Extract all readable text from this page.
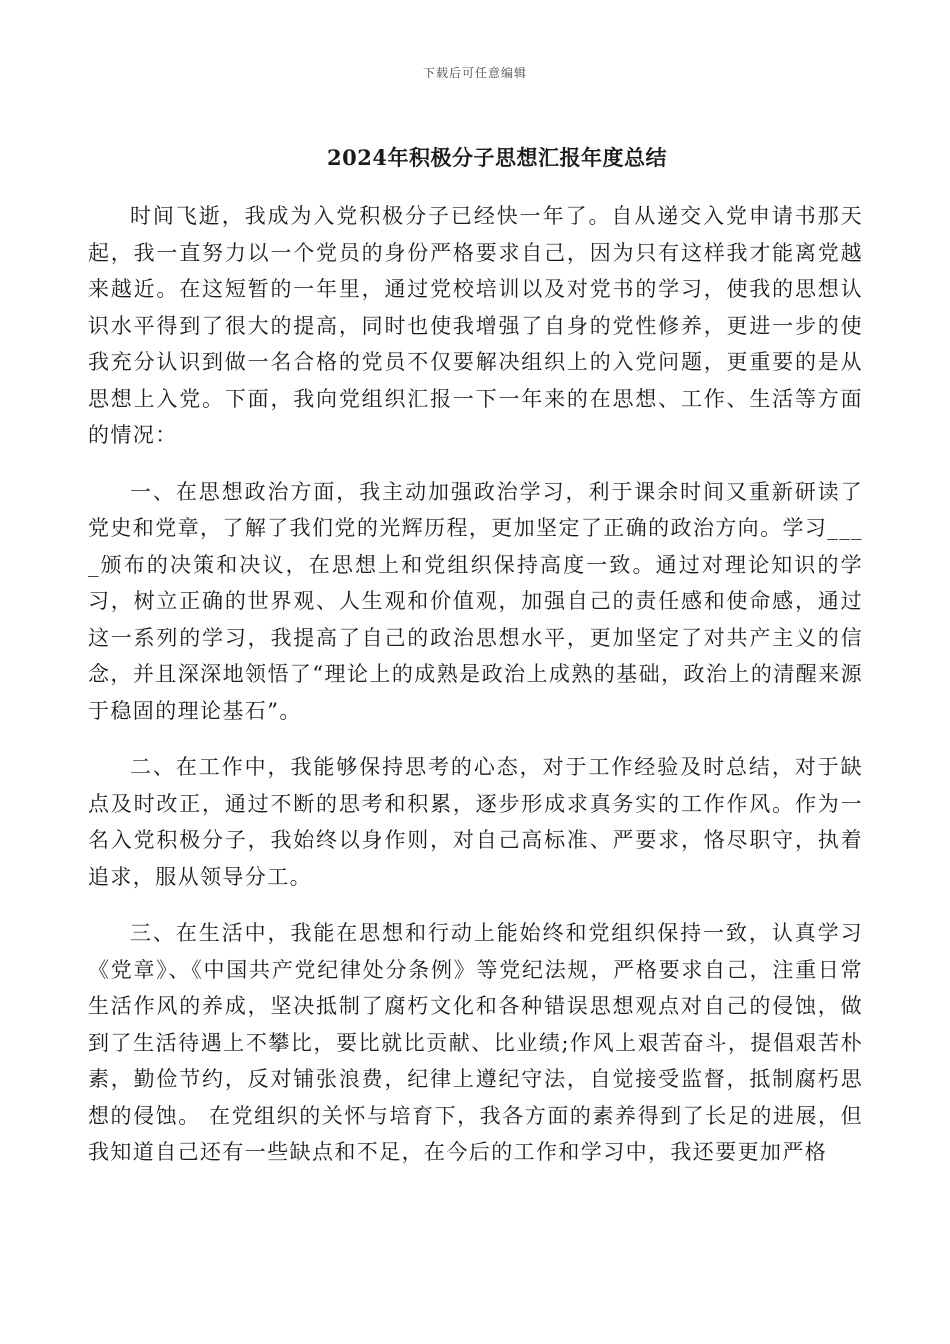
下载后可任意编辑
2024年积极分子思想汇报年度总结

时间飞逝，我成为入党积极分子已经快一年了。自从递交入党申请书那天起，我一直努力以一个党员的身份严格要求自己，因为只有这样我才能离党越来越近。在这短暂的一年里，通过党校培训以及对党书的学习，使我的思想认识水平得到了很大的提高，同时也使我增强了自身的党性修养，更进一步的使我充分认识到做一名合格的党员不仅要解决组织上的入党问题，更重要的是从思想上入党。下面，我向党组织汇报一下一年来的在思想、工作、生活等方面的情况：

一、在思想政治方面，我主动加强政治学习，利于课余时间又重新研读了党史和党章，了解了我们党的光辉历程，更加坚定了正确的政治方向。学习____颁布的决策和决议，在思想上和党组织保持高度一致。通过对理论知识的学习，树立正确的世界观、人生观和价值观，加强自己的责任感和使命感，通过这一系列的学习，我提高了自己的政治思想水平，更加坚定了对共产主义的信念，并且深深地领悟了“理论上的成熟是政治上成熟的基础，政治上的清醒来源于稳固的理论基石”。

二、在工作中，我能够保持思考的心态，对于工作经验及时总结，对于缺点及时改正，通过不断的思考和积累，逐步形成求真务实的工作作风。作为一名入党积极分子，我始终以身作则，对自己高标准、严要求，恪尽职守，执着追求，服从领导分工。

三、在生活中，我能在思想和行动上能始终和党组织保持一致，认真学习《党章》、《中国共产党纪律处分条例》等党纪法规，严格要求自己，注重日常生活作风的养成，坚决抵制了腐朽文化和各种错误思想观点对自己的侵蚀，做到了生活待遇上不攀比，要比就比贡献、比业绩;作风上艰苦奋斗，提倡艰苦朴素，勤俭节约，反对铺张浪费，纪律上遵纪守法，自觉接受监督，抵制腐朽思想的侵蚀。 在党组织的关怀与培育下，我各方面的素养得到了长足的进展，但我知道自己还有一些缺点和不足，在今后的工作和学习中，我还要更加严格
